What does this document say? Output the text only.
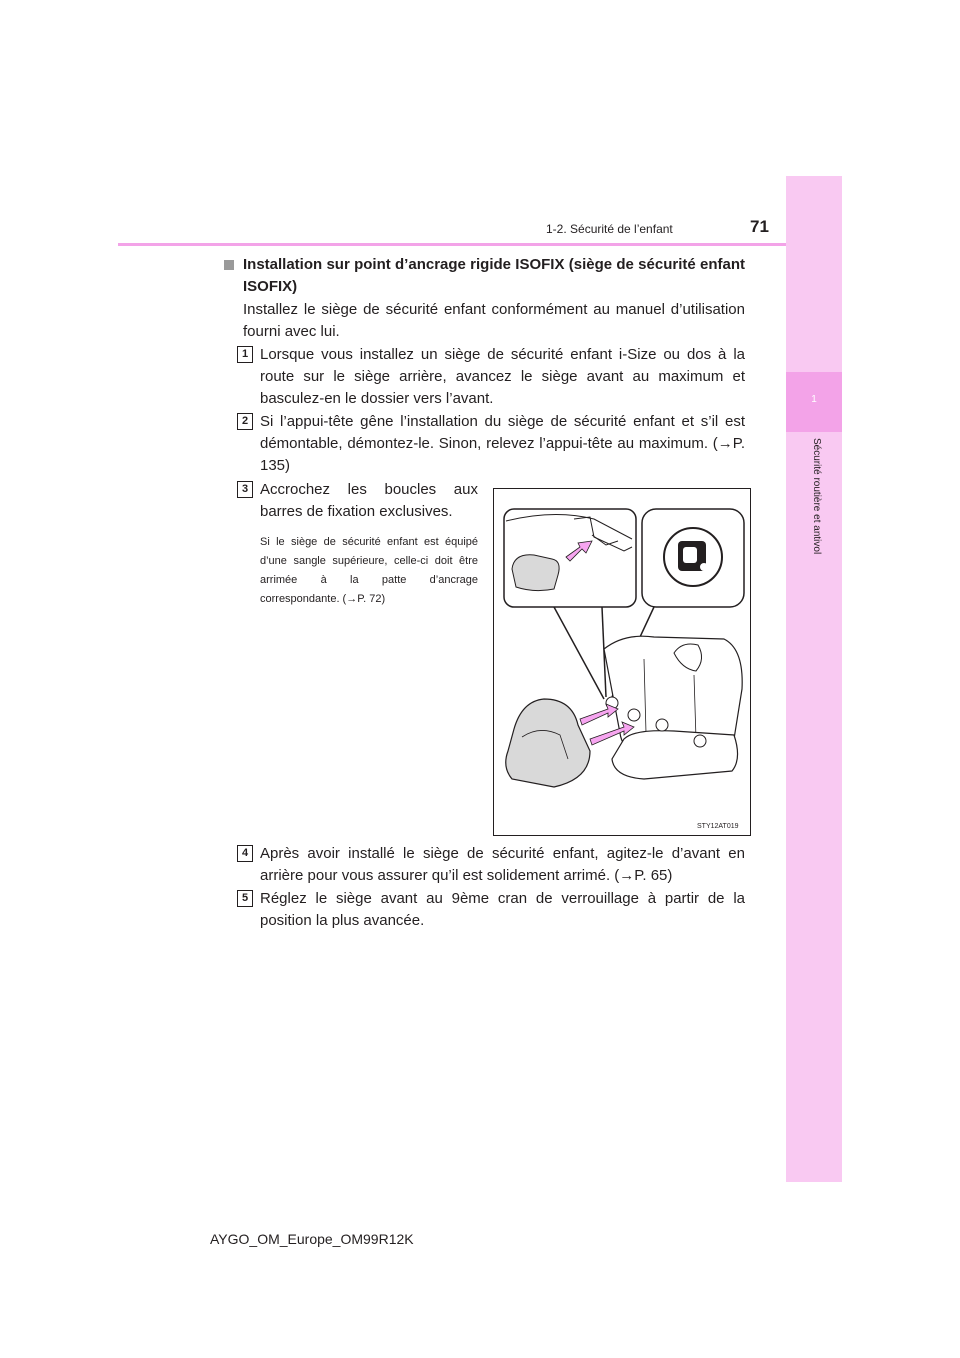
1
Sécurité routière et antivol
1-2. Sécurité de l’enfant	71
Installation sur point d’ancrage rigide ISOFIX (siège de sécurité enfant ISOFIX)
Installez le siège de sécurité enfant conformément au manuel d’utilisation fourni avec lui.
1 Lorsque vous installez un siège de sécurité enfant i-Size ou dos à la route sur le siège arrière, avancez le siège avant au maximum et basculez-en le dossier vers l’avant.
2 Si l’appui-tête gêne l’installation du siège de sécurité enfant et s’il est démontable, démontez-le. Sinon, relevez l’appui-tête au maximum. (→P. 135)
3 Accrochez les boucles aux barres de fixation exclusives.
Si le siège de sécurité enfant est équipé d’une sangle supérieure, celle-ci doit être arrimée à la patte d’ancrage correspondante. (→P. 72)
STY12AT019
4 Après avoir installé le siège de sécurité enfant, agitez-le d’avant en arrière pour vous assurer qu’il est solidement arrimé. (→P. 65)
5 Réglez le siège avant au 9ème cran de verrouillage à partir de la position la plus avancée.
AYGO_OM_Europe_OM99R12K
